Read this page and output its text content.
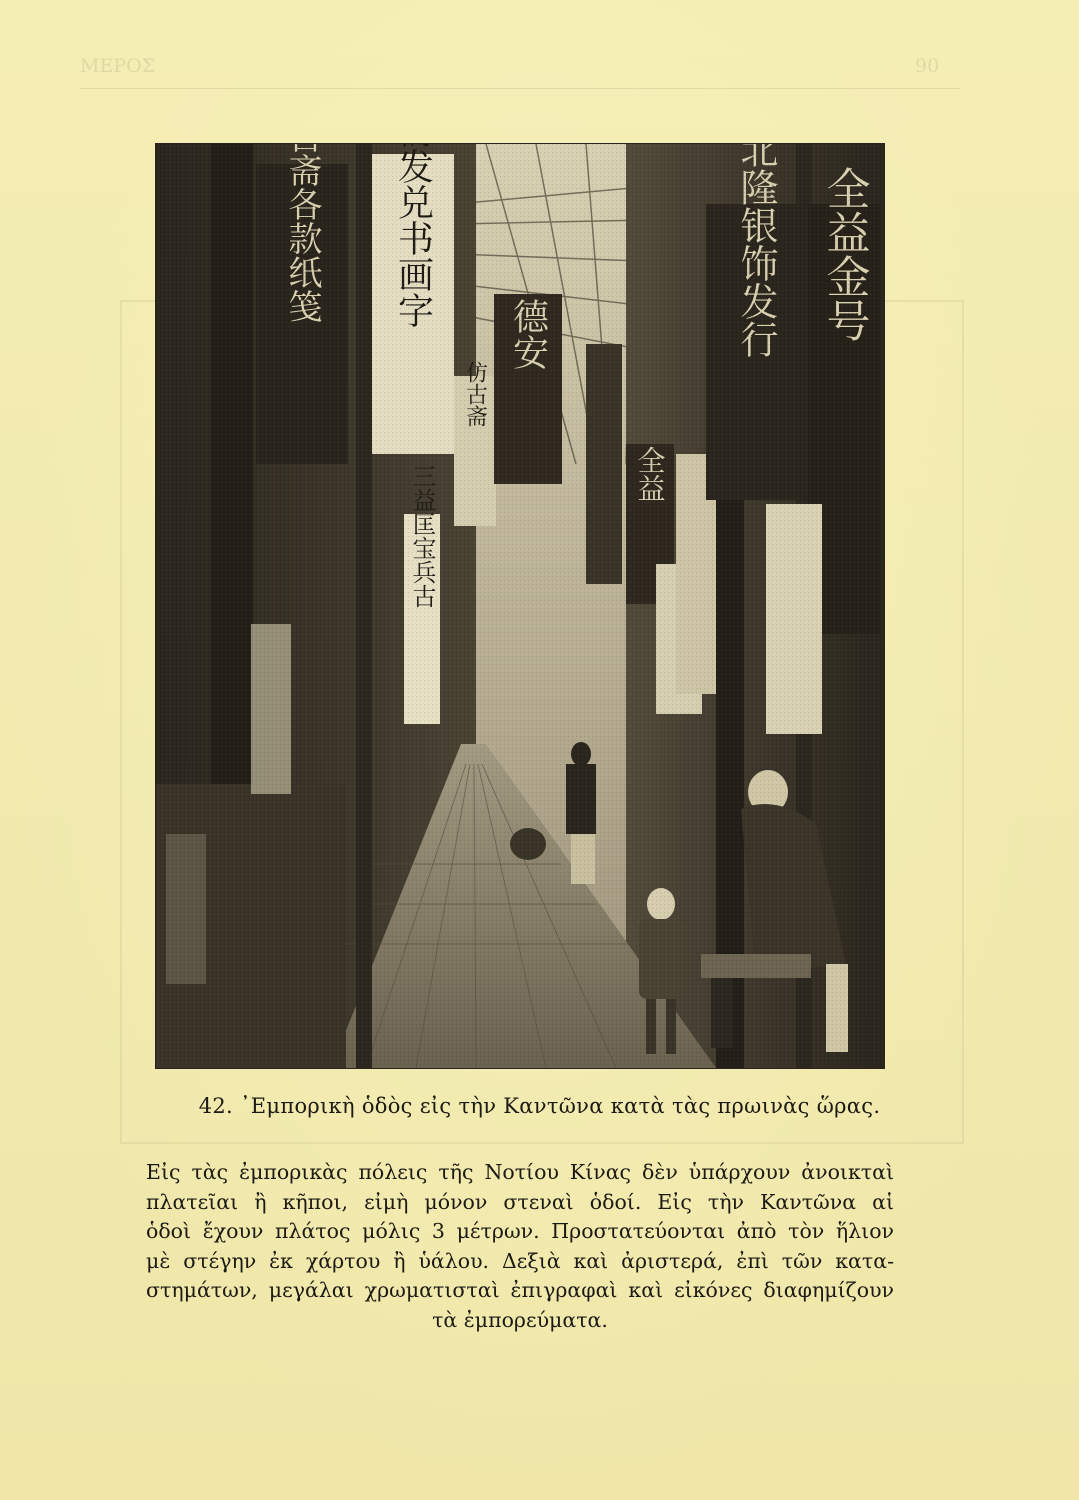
ΜΕΡΟΣ	90
42. ᾿Εμπορικὴ ὁδὸς εἰς τὴν Καντῶνα κατὰ τὰς πρωινὰς ὥρας.
Εἰς τὰς ἐμπορικὰς πόλεις τῆς Νοτίου Κίνας δὲν ὑπάρχουν ἀνοικταὶ
πλατεῖαι ἢ κῆποι, εἰμὴ μόνον στεναὶ ὁδοί. Εἰς τὴν Καντῶνα αἱ
ὁδοὶ ἔχουν πλάτος μόλις 3 μέτρων. Προστατεύονται ἀπὸ τὸν ἥλιον
μὲ στέγην ἐκ χάρτου ἢ ὑάλου. Δεξιὰ καὶ ἀριστερά, ἐπὶ τῶν κατα-
στημάτων, μεγάλαι χρωματισταὶ ἐπιγραφαὶ καὶ εἰκόνες διαφημίζουν
τὰ ἐμπορεύματα.
